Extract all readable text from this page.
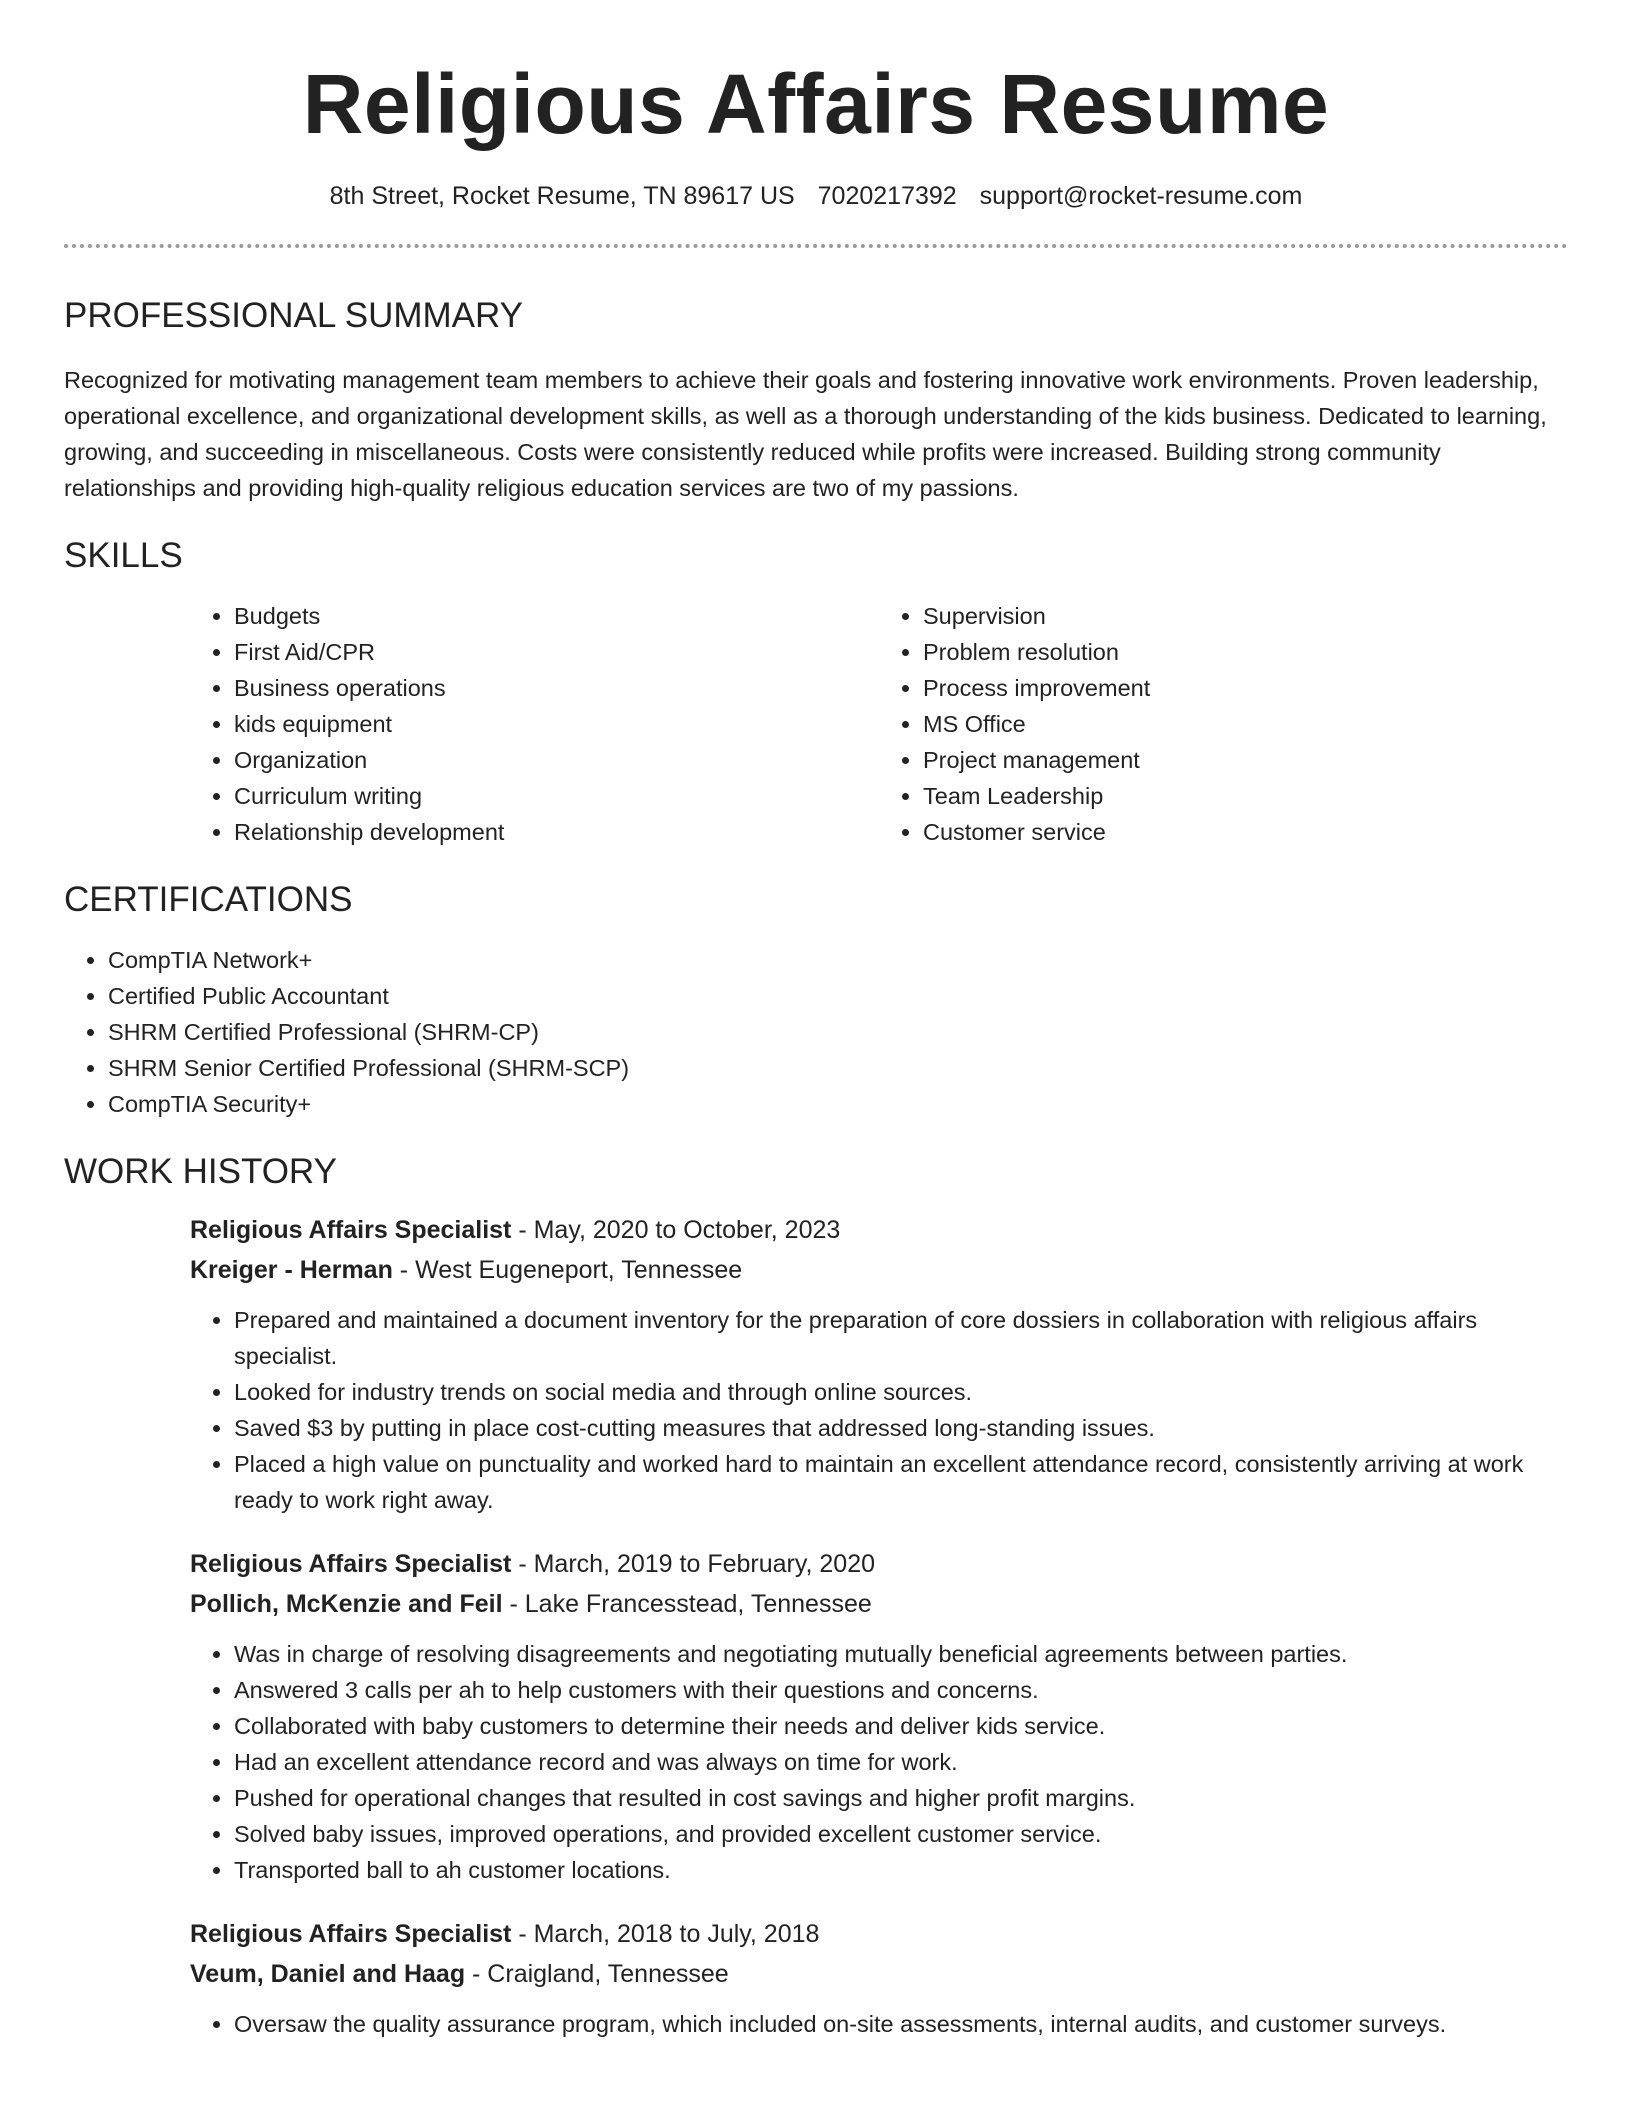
Religious Affairs Resume
8th Street, Rocket Resume, TN 89617 US 7020217392 support@rocket-resume.com
PROFESSIONAL SUMMARY

Recognized for motivating management team members to achieve their goals and fostering innovative work environments. Proven leadership, operational excellence, and organizational development skills, as well as a thorough understanding of the kids business. Dedicated to learning, growing, and succeeding in miscellaneous. Costs were consistently reduced while profits were increased. Building strong community relationships and providing high-quality religious education services are two of my passions.

SKILLS
• Budgets
• First Aid/CPR
• Business operations
• kids equipment
• Organization
• Curriculum writing
• Relationship development
• Supervision
• Problem resolution
• Process improvement
• MS Office
• Project management
• Team Leadership
• Customer service
CERTIFICATIONS
• CompTIA Network+
• Certified Public Accountant
• SHRM Certified Professional (SHRM-CP)
• SHRM Senior Certified Professional (SHRM-SCP)
• CompTIA Security+
WORK HISTORY
Religious Affairs Specialist - May, 2020 to October, 2023
Kreiger - Herman - West Eugeneport, Tennessee
• Prepared and maintained a document inventory for the preparation of core dossiers in collaboration with religious affairs specialist.
• Looked for industry trends on social media and through online sources.
• Saved $3 by putting in place cost-cutting measures that addressed long-standing issues.
• Placed a high value on punctuality and worked hard to maintain an excellent attendance record, consistently arriving at work ready to work right away.
Religious Affairs Specialist - March, 2019 to February, 2020
Pollich, McKenzie and Feil - Lake Francesstead, Tennessee
• Was in charge of resolving disagreements and negotiating mutually beneficial agreements between parties.
• Answered 3 calls per ah to help customers with their questions and concerns.
• Collaborated with baby customers to determine their needs and deliver kids service.
• Had an excellent attendance record and was always on time for work.
• Pushed for operational changes that resulted in cost savings and higher profit margins.
• Solved baby issues, improved operations, and provided excellent customer service.
• Transported ball to ah customer locations.
Religious Affairs Specialist - March, 2018 to July, 2018
Veum, Daniel and Haag - Craigland, Tennessee
• Oversaw the quality assurance program, which included on-site assessments, internal audits, and customer surveys.
